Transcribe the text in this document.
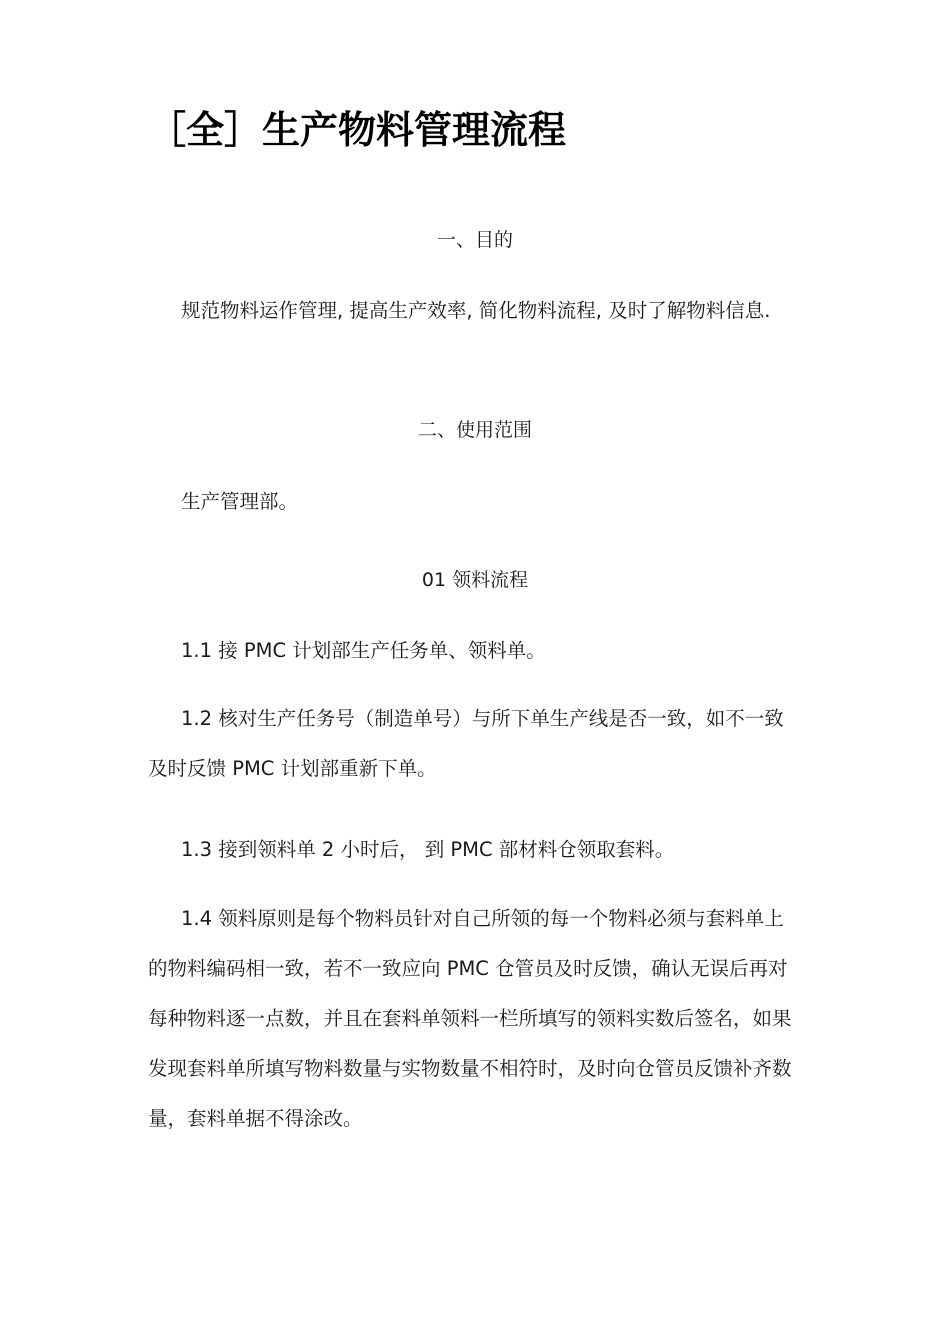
［全］生产物料管理流程

一、目的

规范物料运作管理, 提高生产效率, 简化物料流程, 及时了解物料信息.

二、使用范围

生产管理部。

01 领料流程

1.1 接 PMC 计划部生产任务单、领料单。

1.2 核对生产任务号（制造单号）与所下单生产线是否一致，如不一致及时反馈 PMC 计划部重新下单。

1.3 接到领料单 2 小时后， 到 PMC 部材料仓领取套料。

1.4 领料原则是每个物料员针对自己所领的每一个物料必须与套料单上的物料编码相一致，若不一致应向 PMC 仓管员及时反馈，确认无误后再对每种物料逐一点数，并且在套料单领料一栏所填写的领料实数后签名，如果发现套料单所填写物料数量与实物数量不相符时，及时向仓管员反馈补齐数量，套料单据不得涂改。
